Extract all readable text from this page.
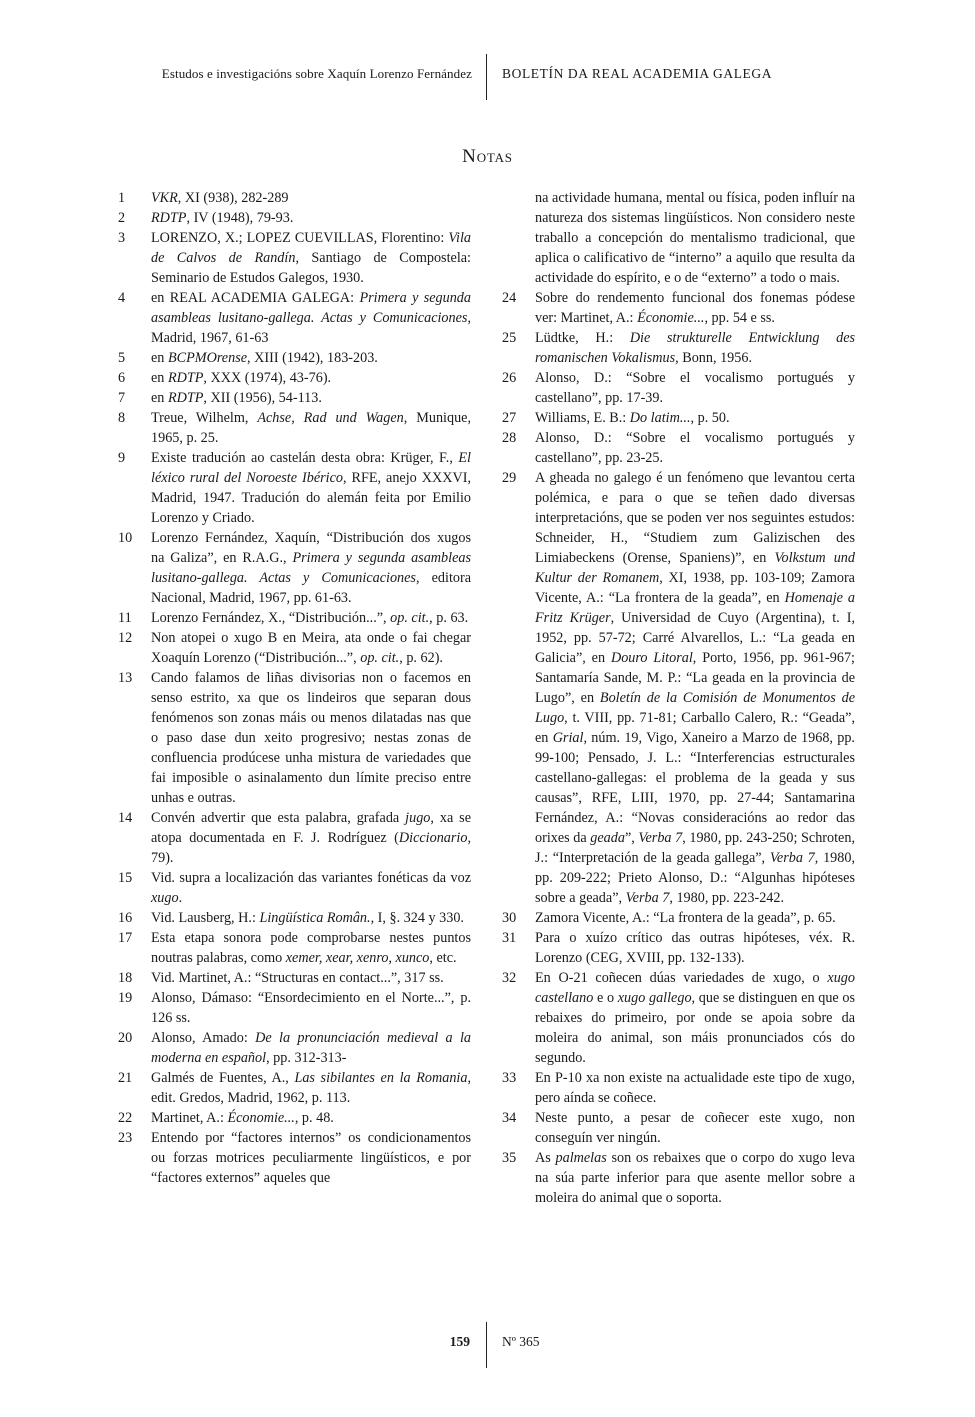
Estudos e investigacións sobre Xaquín Lorenzo Fernández BOLETÍN DA REAL ACADEMIA GALEGA
Notas
1	VKR, XI (938), 282-289
2	RDTP, IV (1948), 79-93.
3	LORENZO, X.; LOPEZ CUEVILLAS, Florentino: Vila de Calvos de Randín, Santiago de Compostela: Seminario de Estudos Galegos, 1930.
4	en REAL ACADEMIA GALEGA: Primera y segunda asambleas lusitano-gallega. Actas y Comunicaciones, Madrid, 1967, 61-63
5	en BCPMOrense, XIII (1942), 183-203.
6	en RDTP, XXX (1974), 43-76).
7	en RDTP, XII (1956), 54-113.
8	Treue, Wilhelm, Achse, Rad und Wagen, Munique, 1965, p. 25.
9	Existe tradución ao castelán desta obra: Krüger, F., El léxico rural del Noroeste Ibérico, RFE, anejo XXXVI, Madrid, 1947. Tradución do alemán feita por Emilio Lorenzo y Criado.
10	Lorenzo Fernández, Xaquín, “Distribución dos xugos na Galiza”, en R.A.G., Primera y segunda asambleas lusitano-gallega. Actas y Comunicaciones, editora Nacional, Madrid, 1967, pp. 61-63.
11	Lorenzo Fernández, X., “Distribución...”, op. cit., p. 63.
12	Non atopei o xugo B en Meira, ata onde o fai chegar Xoaquín Lorenzo (“Distribución...”, op. cit., p. 62).
13	Cando falamos de liñas divisorias non o facemos en senso estrito, xa que os lindeiros que separan dous fenómenos son zonas máis ou menos dilatadas nas que o paso dase dun xeito progresivo; nestas zonas de confluencia prodúcese unha mistura de variedades que fai imposible o asinalamento dun límite preciso entre unhas e outras.
14	Convén advertir que esta palabra, grafada jugo, xa se atopa documentada en F. J. Rodríguez (Diccionario, 79).
15	Vid. supra a localización das variantes fonéticas da voz xugo.
16	Vid. Lausberg, H.: Lingüística Român., I, §. 324 y 330.
17	Esta etapa sonora pode comprobarse nestes puntos noutras palabras, como xemer, xear, xenro, xunco, etc.
18	Vid. Martinet, A.: “Structuras en contact...”, 317 ss.
19	Alonso, Dámaso: “Ensordecimiento en el Norte...”, p. 126 ss.
20	Alonso, Amado: De la pronunciación medieval a la moderna en español, pp. 312-313-
21	Galmés de Fuentes, A., Las sibilantes en la Romania, edit. Gredos, Madrid, 1962, p. 113.
22	Martinet, A.: Économie..., p. 48.
23	Entendo por “factores internos” os condicionamentos ou forzas motrices peculiarmente lingüísticos, e por “factores externos” aqueles que
na actividade humana, mental ou física, poden influír na natureza dos sistemas lingüísticos. Non considero neste traballo a concepción do mentalismo tradicional, que aplica o calificativo de “interno” a aquilo que resulta da actividade do espírito, e o de “externo” a todo o mais.
24	Sobre do rendemento funcional dos fonemas pódese ver: Martinet, A.: Économie..., pp. 54 e ss.
25	Lüdtke, H.: Die strukturelle Entwicklung des romanischen Vokalismus, Bonn, 1956.
26	Alonso, D.: “Sobre el vocalismo portugués y castellano”, pp. 17-39.
27	Williams, E. B.: Do latim..., p. 50.
28	Alonso, D.: “Sobre el vocalismo portugués y castellano”, pp. 23-25.
29	A gheada no galego é un fenómeno que levantou certa polémica, e para o que se teñen dado diversas interpretacións, que se poden ver nos seguintes estudos: Schneider, H., “Studiem zum Galizischen des Limiabeckens (Orense, Spaniens)”, en Volkstum und Kultur der Romanem, XI, 1938, pp. 103-109; Zamora Vicente, A.: “La frontera de la geada”, en Homenaje a Fritz Krüger, Universidad de Cuyo (Argentina), t. I, 1952, pp. 57-72; Carré Alvarellos, L.: “La geada en Galicia”, en Douro Litoral, Porto, 1956, pp. 961-967; Santamaría Sande, M. P.: “La geada en la provincia de Lugo”, en Boletín de la Comisión de Monumentos de Lugo, t. VIII, pp. 71-81; Carballo Calero, R.: “Geada”, en Grial, núm. 19, Vigo, Xaneiro a Marzo de 1968, pp. 99-100; Pensado, J. L.: “Interferencias estructurales castellano-gallegas: el problema de la geada y sus causas”, RFE, LIII, 1970, pp. 27-44; Santamarina Fernández, A.: “Novas consideracións ao redor das orixes da geada”, Verba 7, 1980, pp. 243-250; Schroten, J.: “Interpretación de la geada gallega”, Verba 7, 1980, pp. 209-222; Prieto Alonso, D.: “Algunhas hipóteses sobre a geada”, Verba 7, 1980, pp. 223-242.
30	Zamora Vicente, A.: “La frontera de la geada”, p. 65.
31	Para o xuízo crítico das outras hipóteses, véx. R. Lorenzo (CEG, XVIII, pp. 132-133).
32	En O-21 coñecen dúas variedades de xugo, o xugo castellano e o xugo gallego, que se distinguen en que os rebaixes do primeiro, por onde se apoia sobre da moleira do animal, son máis pronunciados cós do segundo.
33	En P-10 xa non existe na actualidade este tipo de xugo, pero aínda se coñece.
34	Neste punto, a pesar de coñecer este xugo, non conseguín ver ningún.
35	As palmelas son os rebaixes que o corpo do xugo leva na súa parte inferior para que asente mellor sobre a moleira do animal que o soporta.
159 Nº 365
